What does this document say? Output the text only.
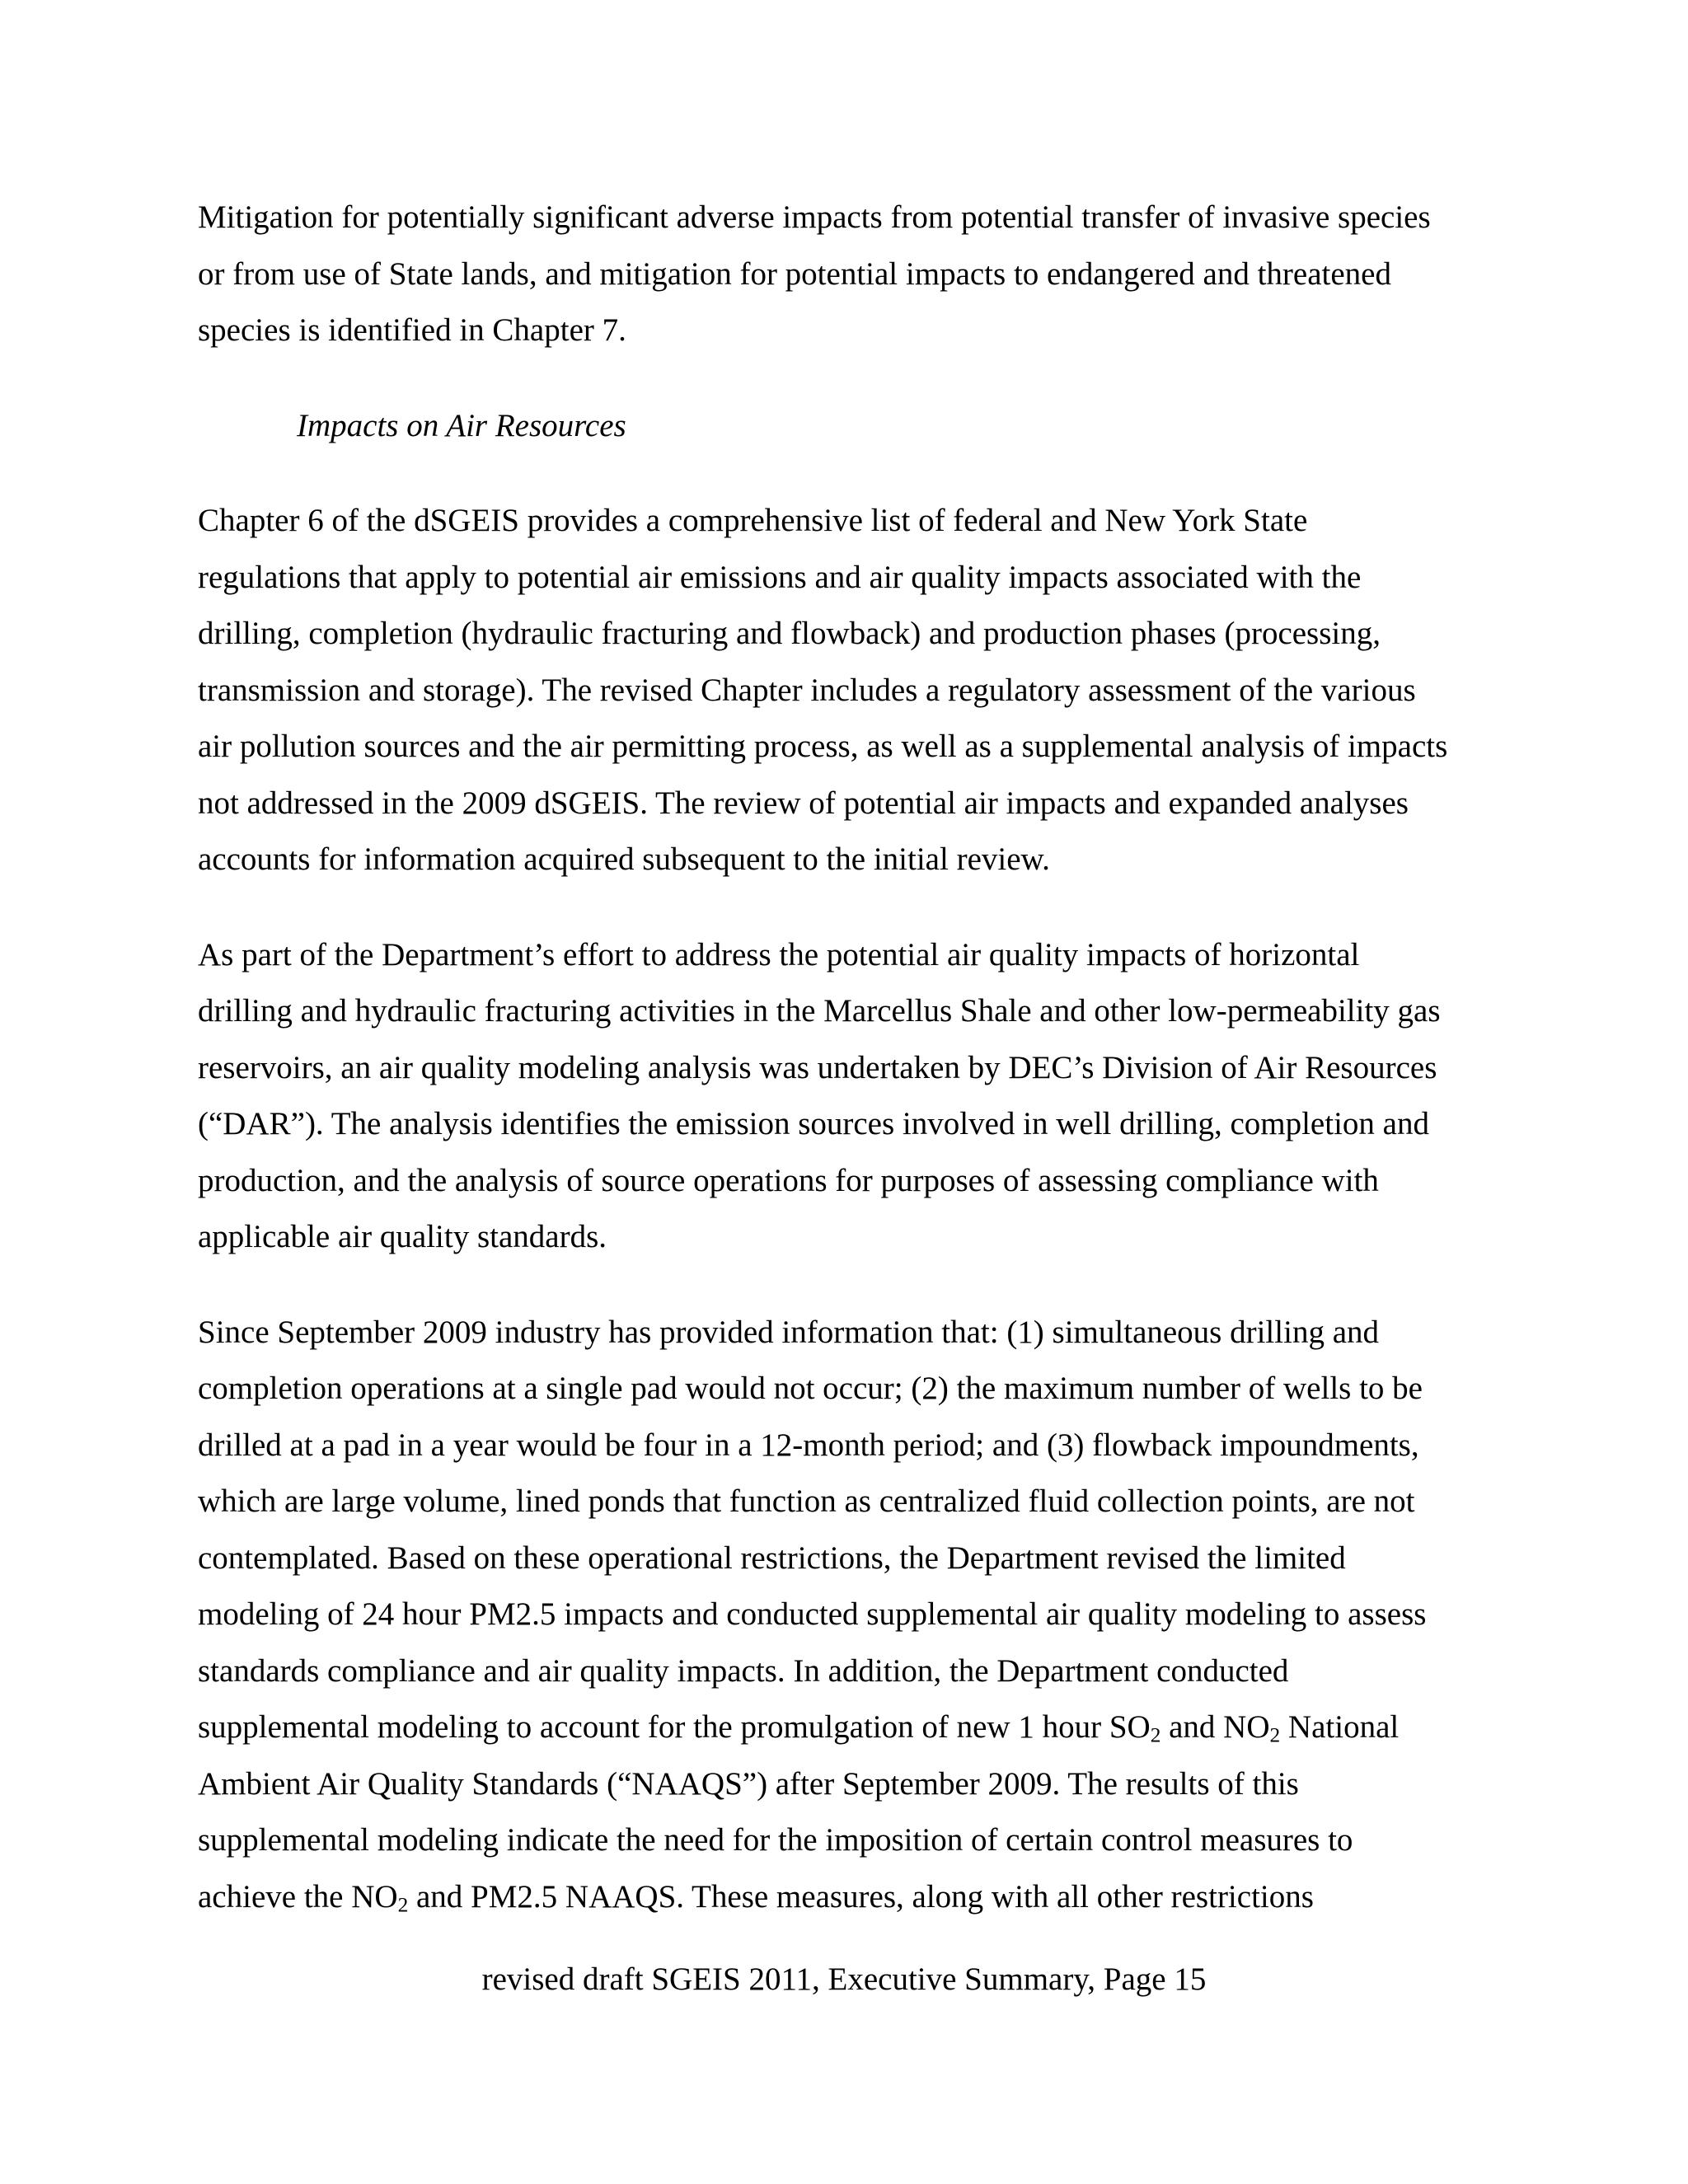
Mitigation for potentially significant adverse impacts from potential transfer of invasive species
or from use of State lands, and mitigation for potential impacts to endangered and threatened
species is identified in Chapter 7.
Impacts on Air Resources
Chapter 6 of the dSGEIS provides a comprehensive list of federal and New York State
regulations that apply to potential air emissions and air quality impacts associated with the
drilling, completion (hydraulic fracturing and flowback) and production phases (processing,
transmission and storage). The revised Chapter includes a regulatory assessment of the various
air pollution sources and the air permitting process, as well as a supplemental analysis of impacts
not addressed in the 2009 dSGEIS. The review of potential air impacts and expanded analyses
accounts for information acquired subsequent to the initial review.
As part of the Department’s effort to address the potential air quality impacts of horizontal
drilling and hydraulic fracturing activities in the Marcellus Shale and other low-permeability gas
reservoirs, an air quality modeling analysis was undertaken by DEC’s Division of Air Resources
(“DAR”). The analysis identifies the emission sources involved in well drilling, completion and
production, and the analysis of source operations for purposes of assessing compliance with
applicable air quality standards.
Since September 2009 industry has provided information that: (1) simultaneous drilling and
completion operations at a single pad would not occur; (2) the maximum number of wells to be
drilled at a pad in a year would be four in a 12-month period; and (3) flowback impoundments,
which are large volume, lined ponds that function as centralized fluid collection points, are not
contemplated. Based on these operational restrictions, the Department revised the limited
modeling of 24 hour PM2.5 impacts and conducted supplemental air quality modeling to assess
standards compliance and air quality impacts. In addition, the Department conducted
supplemental modeling to account for the promulgation of new 1 hour $SO_2$ and $NO_2$ National
Ambient Air Quality Standards (“NAAQS”) after September 2009. The results of this
supplemental modeling indicate the need for the imposition of certain control measures to
achieve the $NO_2$ and PM2.5 NAAQS. These measures, along with all other restrictions
revised draft SGEIS 2011, Executive Summary, Page 15
